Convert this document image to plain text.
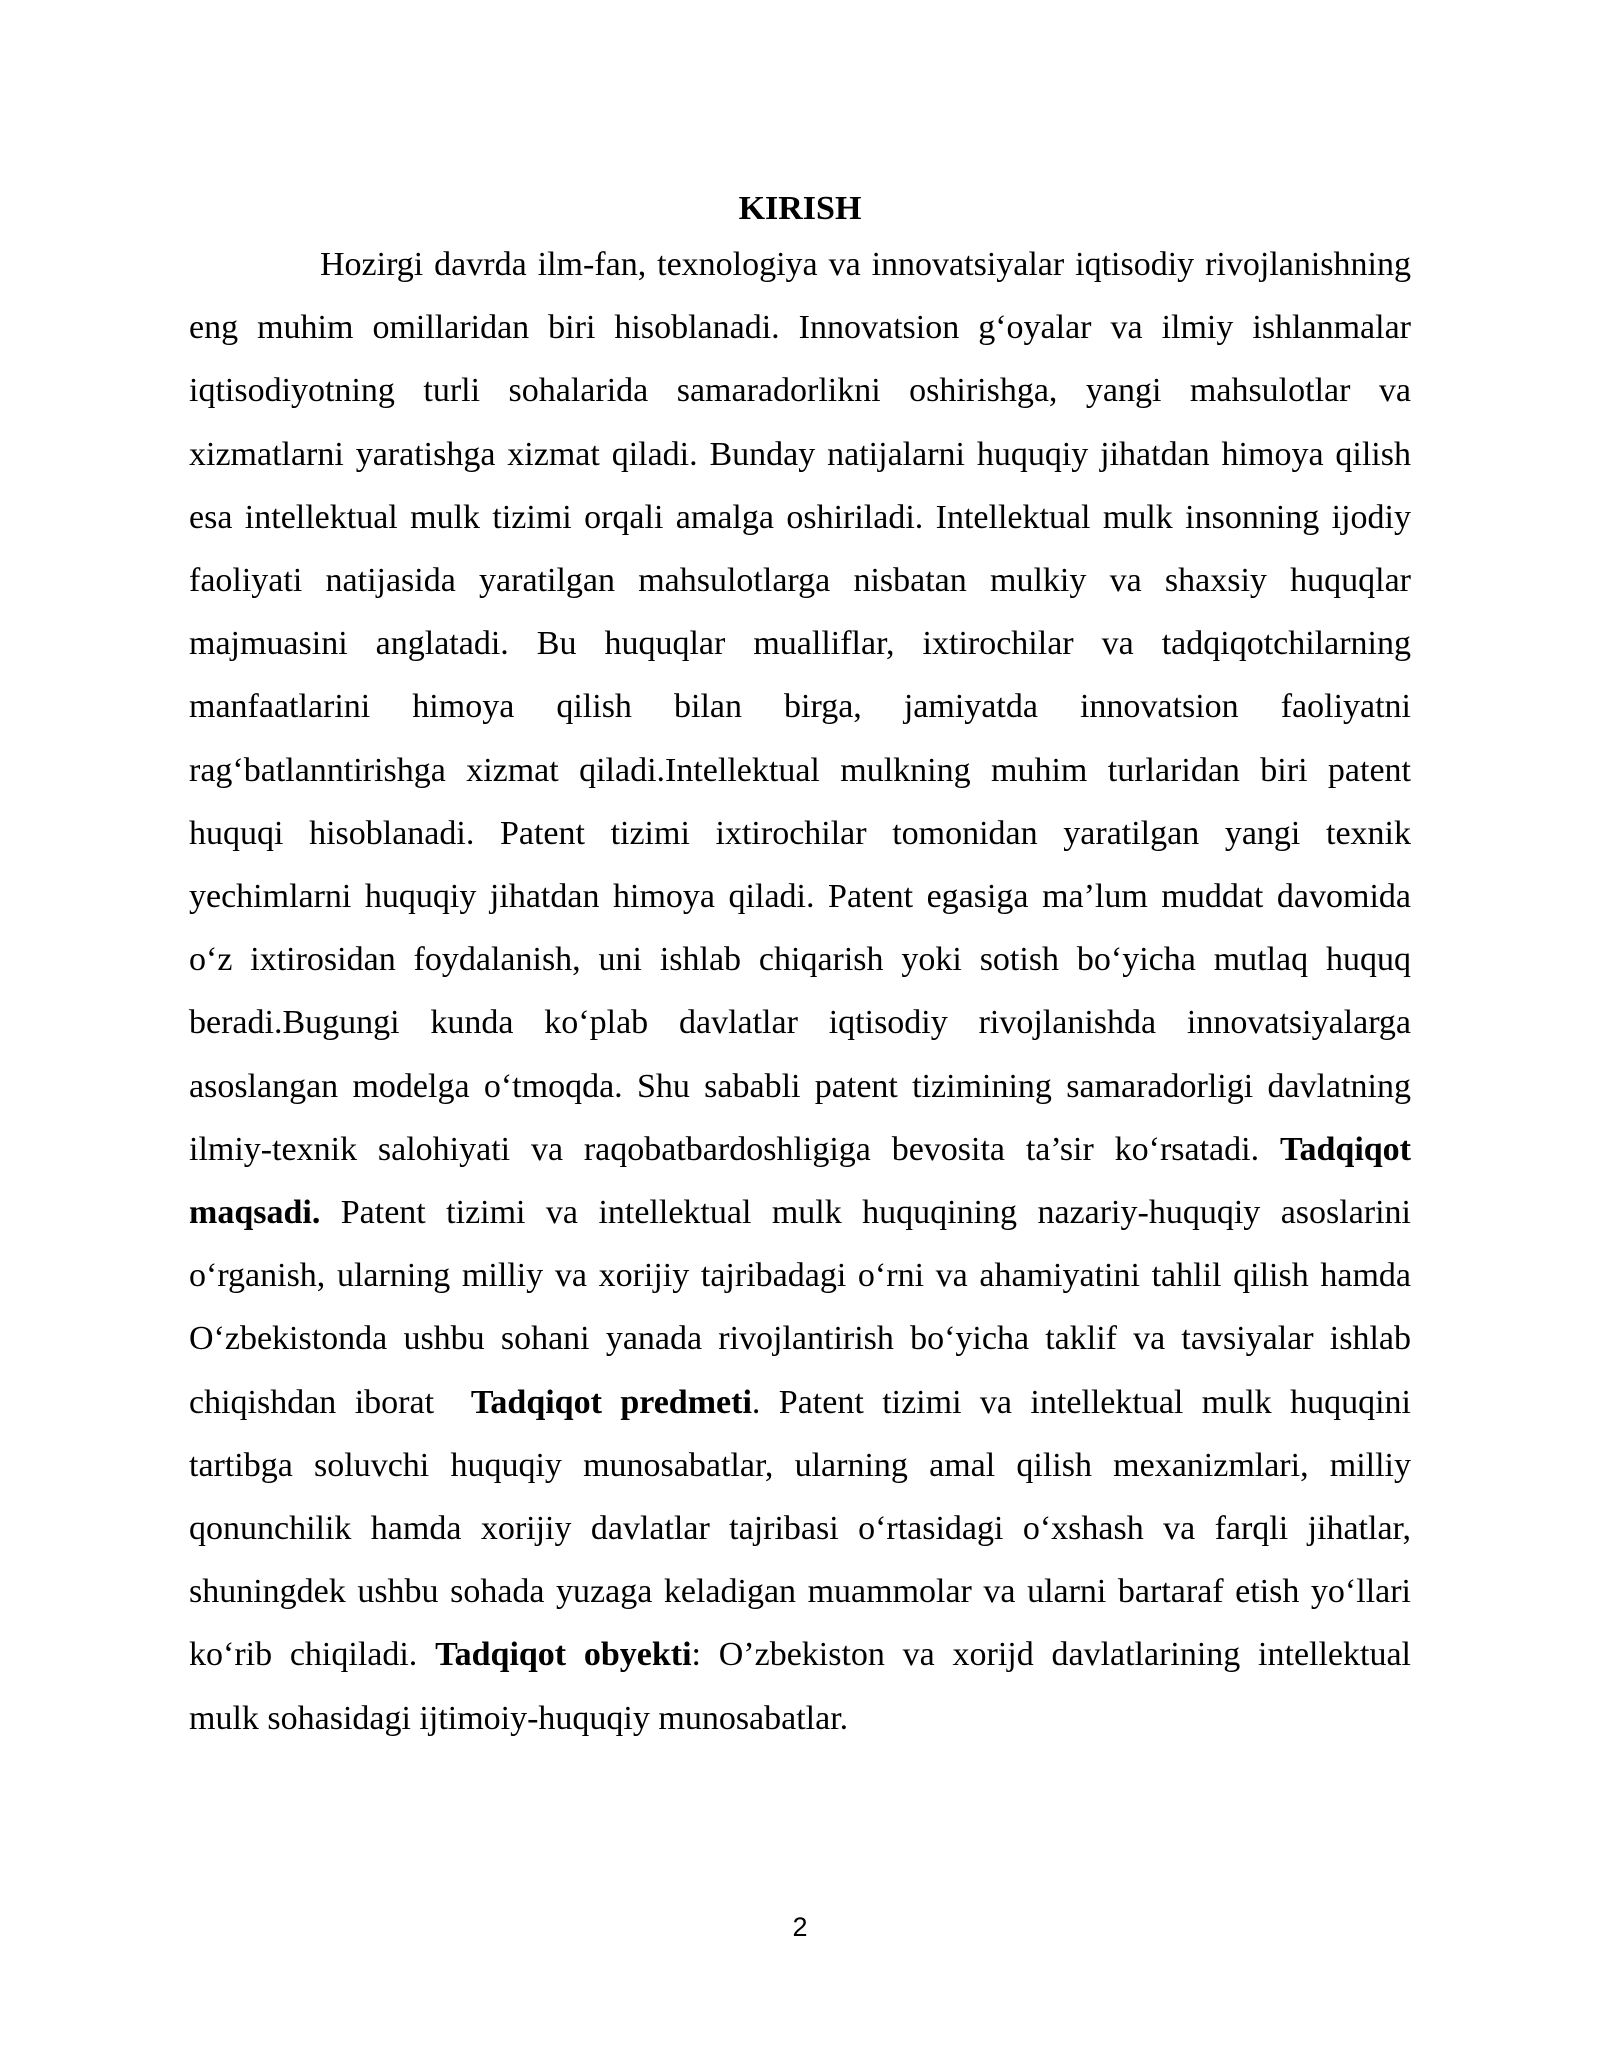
KIRISH

Hozirgi davrda ilm-fan, texnologiya va innovatsiyalar iqtisodiy rivojlanishning eng muhim omillaridan biri hisoblanadi. Innovatsion g‘oyalar va ilmiy ishlanmalar iqtisodiyotning turli sohalarida samaradorlikni oshirishga, yangi mahsulotlar va xizmatlarni yaratishga xizmat qiladi. Bunday natijalarni huquqiy jihatdan himoya qilish esa intellektual mulk tizimi orqali amalga oshiriladi. Intellektual mulk insonning ijodiy faoliyati natijasida yaratilgan mahsulotlarga nisbatan mulkiy va shaxsiy huquqlar majmuasini anglatadi. Bu huquqlar mualliflar, ixtirochilar va tadqiqotchilarning manfaatlarini himoya qilish bilan birga, jamiyatda innovatsion faoliyatni rag‘batlanntirishga xizmat qiladi.Intellektual mulkning muhim turlaridan biri patent huquqi hisoblanadi. Patent tizimi ixtirochilar tomonidan yaratilgan yangi texnik yechimlarni huquqiy jihatdan himoya qiladi. Patent egasiga ma’lum muddat davomida o‘z ixtirosidan foydalanish, uni ishlab chiqarish yoki sotish bo‘yicha mutlaq huquq beradi.Bugungi kunda ko‘plab davlatlar iqtisodiy rivojlanishda innovatsiyalarga asoslangan modelga o‘tmoqda. Shu sababli patent tizimining samaradorligi davlatning ilmiy-texnik salohiyati va raqobatbardoshligiga bevosita ta’sir ko‘rsatadi. Tadqiqot maqsadi. Patent tizimi va intellektual mulk huquqining nazariy-huquqiy asoslarini o‘rganish, ularning milliy va xorijiy tajribadagi o‘rni va ahamiyatini tahlil qilish hamda O‘zbekistonda ushbu sohani yanada rivojlantirish bo‘yicha taklif va tavsiyalar ishlab chiqishdan iborat Tadqiqot predmeti. Patent tizimi va intellektual mulk huquqini tartibga soluvchi huquqiy munosabatlar, ularning amal qilish mexanizmlari, milliy qonunchilik hamda xorijiy davlatlar tajribasi o‘rtasidagi o‘xshash va farqli jihatlar, shuningdek ushbu sohada yuzaga keladigan muammolar va ularni bartaraf etish yo‘llari ko‘rib chiqiladi. Tadqiqot obyekti: O’zbekiston va xorijd davlatlarining intellektual mulk sohasidagi ijtimoiy-huquqiy munosabatlar.

2
